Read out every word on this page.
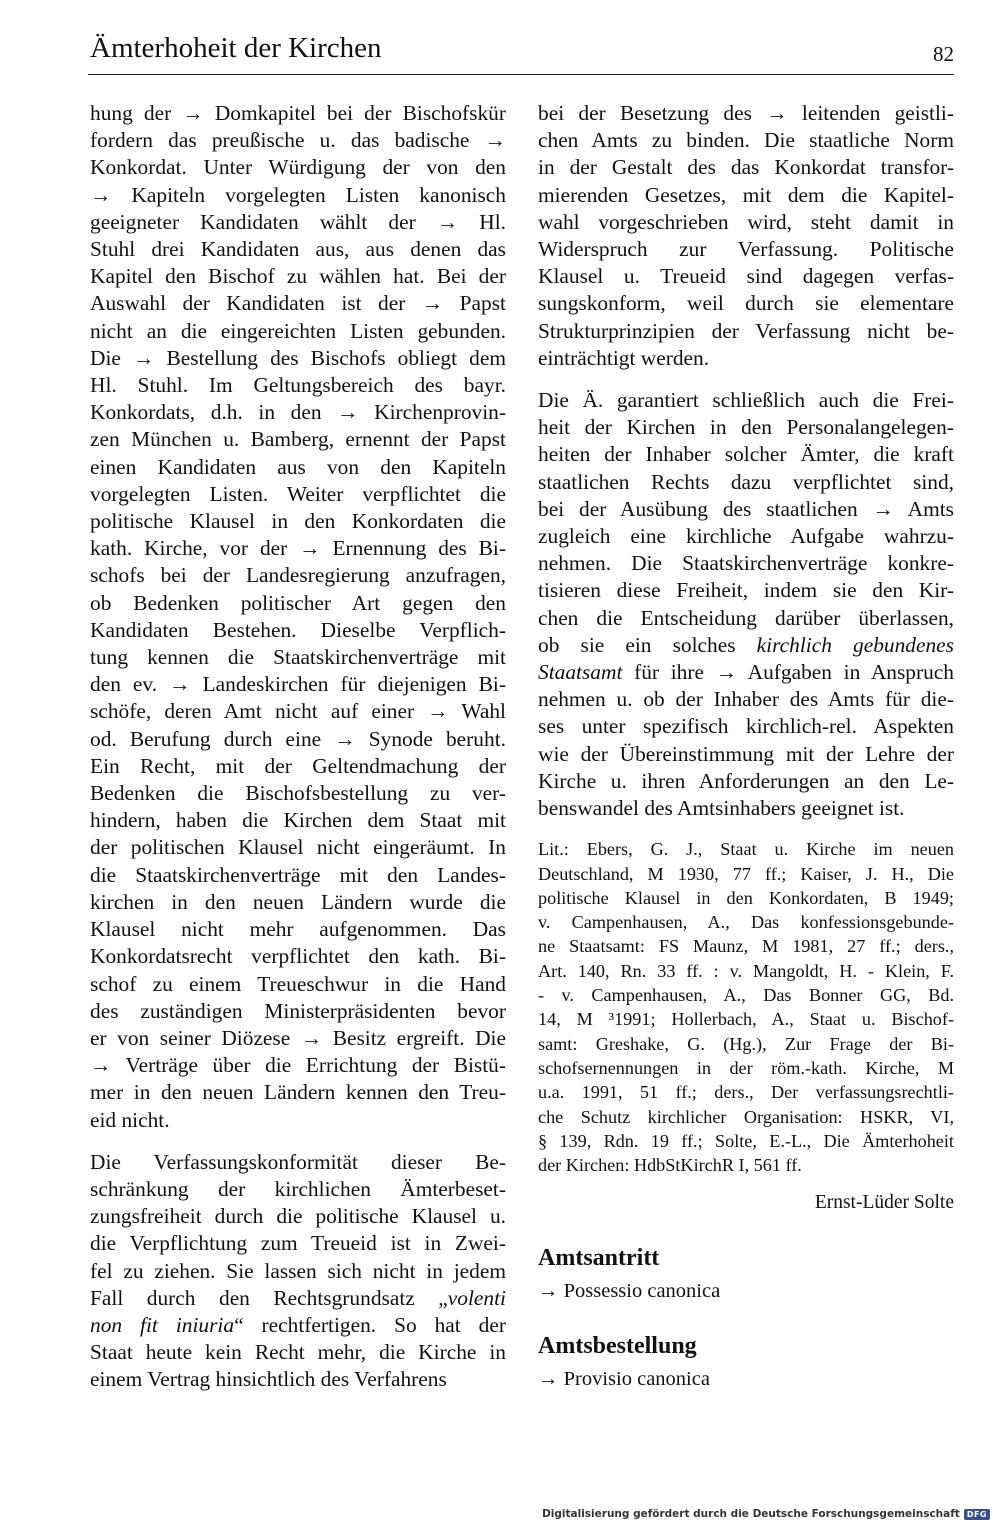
Ämterhoheit der Kirchen	82
hung der → Domkapitel bei der Bischofskür
fordern das preußische u. das badische →
Konkordat. Unter Würdigung der von den
→ Kapiteln vorgelegten Listen kanonisch
geeigneter Kandidaten wählt der → Hl.
Stuhl drei Kandidaten aus, aus denen das
Kapitel den Bischof zu wählen hat. Bei der
Auswahl der Kandidaten ist der → Papst
nicht an die eingereichten Listen gebunden.
Die → Bestellung des Bischofs obliegt dem
Hl. Stuhl. Im Geltungsbereich des bayr.
Konkordats, d.h. in den → Kirchenprovin-
zen München u. Bamberg, ernennt der Papst
einen Kandidaten aus von den Kapiteln
vorgelegten Listen. Weiter verpflichtet die
politische Klausel in den Konkordaten die
kath. Kirche, vor der → Ernennung des Bi-
schofs bei der Landesregierung anzufragen,
ob Bedenken politischer Art gegen den
Kandidaten Bestehen. Dieselbe Verpflich-
tung kennen die Staatskirchenverträge mit
den ev. → Landeskirchen für diejenigen Bi-
schöfe, deren Amt nicht auf einer → Wahl
od. Berufung durch eine → Synode beruht.
Ein Recht, mit der Geltendmachung der
Bedenken die Bischofsbestellung zu ver-
hindern, haben die Kirchen dem Staat mit
der politischen Klausel nicht eingeräumt. In
die Staatskirchenverträge mit den Landes-
kirchen in den neuen Ländern wurde die
Klausel nicht mehr aufgenommen. Das
Konkordatsrecht verpflichtet den kath. Bi-
schof zu einem Treueschwur in die Hand
des zuständigen Ministerpräsidenten bevor
er von seiner Diözese → Besitz ergreift. Die
→ Verträge über die Errichtung der Bistü-
mer in den neuen Ländern kennen den Treu-
eid nicht.
Die Verfassungskonformität dieser Be-
schränkung der kirchlichen Ämterbeset-
zungsfreiheit durch die politische Klausel u.
die Verpflichtung zum Treueid ist in Zwei-
fel zu ziehen. Sie lassen sich nicht in jedem
Fall durch den Rechtsgrundsatz „volenti
non fit iniuria“ rechtfertigen. So hat der
Staat heute kein Recht mehr, die Kirche in
einem Vertrag hinsichtlich des Verfahrens
bei der Besetzung des → leitenden geistli-
chen Amts zu binden. Die staatliche Norm
in der Gestalt des das Konkordat transfor-
mierenden Gesetzes, mit dem die Kapitel-
wahl vorgeschrieben wird, steht damit in
Widerspruch zur Verfassung. Politische
Klausel u. Treueid sind dagegen verfas-
sungskonform, weil durch sie elementare
Strukturprinzipien der Verfassung nicht be-
einträchtigt werden.
Die Ä. garantiert schließlich auch die Frei-
heit der Kirchen in den Personalangelegen-
heiten der Inhaber solcher Ämter, die kraft
staatlichen Rechts dazu verpflichtet sind,
bei der Ausübung des staatlichen → Amts
zugleich eine kirchliche Aufgabe wahrzu-
nehmen. Die Staatskirchenverträge konkre-
tisieren diese Freiheit, indem sie den Kir-
chen die Entscheidung darüber überlassen,
ob sie ein solches kirchlich gebundenes
Staatsamt für ihre → Aufgaben in Anspruch
nehmen u. ob der Inhaber des Amts für die-
ses unter spezifisch kirchlich-rel. Aspekten
wie der Übereinstimmung mit der Lehre der
Kirche u. ihren Anforderungen an den Le-
benswandel des Amtsinhabers geeignet ist.
Lit.: Ebers, G. J., Staat u. Kirche im neuen
Deutschland, M 1930, 77 ff.; Kaiser, J. H., Die
politische Klausel in den Konkordaten, B 1949;
v. Campenhausen, A., Das konfessionsgebunde-
ne Staatsamt: FS Maunz, M 1981, 27 ff.; ders.,
Art. 140, Rn. 33 ff. : v. Mangoldt, H. - Klein, F.
- v. Campenhausen, A., Das Bonner GG, Bd.
14, M ³1991; Hollerbach, A., Staat u. Bischof-
samt: Greshake, G. (Hg.), Zur Frage der Bi-
schofsernennungen in der röm.-kath. Kirche, M
u.a. 1991, 51 ff.; ders., Der verfassungsrechtli-
che Schutz kirchlicher Organisation: HSKR, VI,
§ 139, Rdn. 19 ff.; Solte, E.-L., Die Ämterhoheit
der Kirchen: HdbStKirchR I, 561 ff.
Ernst-Lüder Solte
Amtsantritt
→ Possessio canonica
Amtsbestellung
→ Provisio canonica
Digitalisierung gefördert durch die Deutsche Forschungsgemeinschaft DFG
